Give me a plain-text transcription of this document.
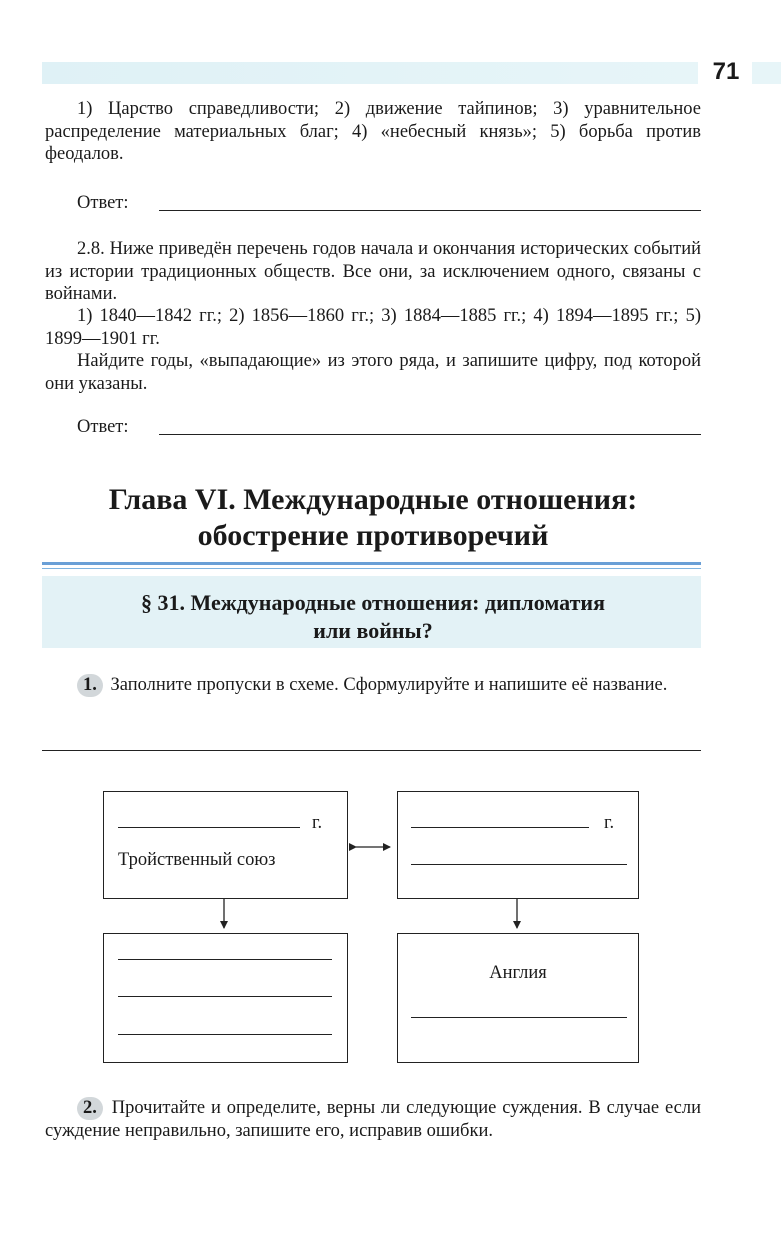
71
1) Царство справедливости; 2) движение тайпинов; 3) уравнительное распределение материальных благ; 4) «небесный князь»; 5) борьба против феодалов.
Ответ:
2.8. Ниже приведён перечень годов начала и окончания исторических событий из истории традиционных обществ. Все они, за исключением одного, связаны с войнами.
1) 1840—1842 гг.; 2) 1856—1860 гг.; 3) 1884—1885 гг.; 4) 1894—1895 гг.; 5) 1899—1901 гг.
Найдите годы, «выпадающие» из этого ряда, и запишите цифру, под которой они указаны.
Ответ:
Глава VI. Международные отношения:
обострение противоречий
§ 31. Международные отношения: дипломатия
или войны?
1. Заполните пропуски в схеме. Сформулируйте и напишите её название.
г.
Тройственный союз
г.
Англия
2. Прочитайте и определите, верны ли следующие суждения. В случае если суждение неправильно, запишите его, исправив ошибки.
